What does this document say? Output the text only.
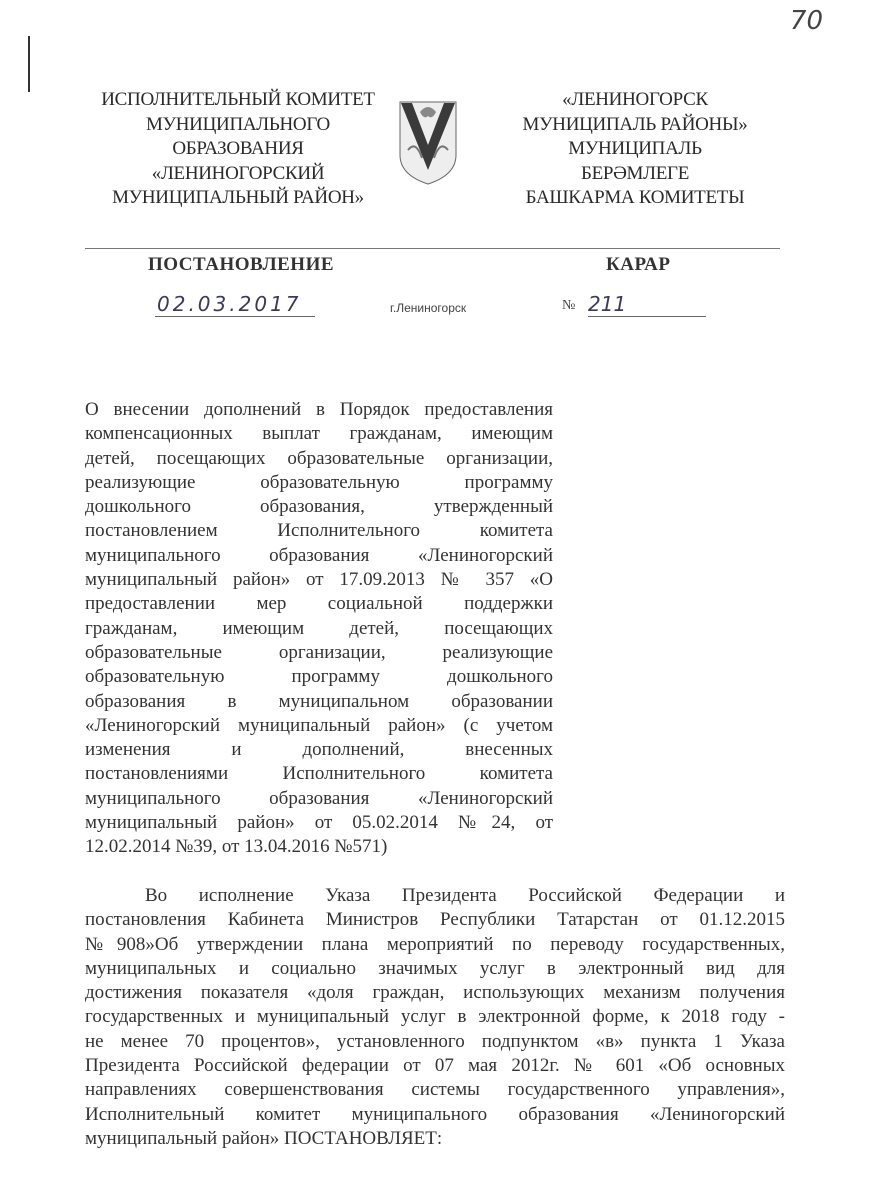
70
ИСПОЛНИТЕЛЬНЫЙ КОМИТЕТ
МУНИЦИПАЛЬНОГО
ОБРАЗОВАНИЯ
«ЛЕНИНОГОРСКИЙ
МУНИЦИПАЛЬНЫЙ РАЙОН»
«ЛЕНИНОГОРСК
МУНИЦИПАЛЬ РАЙОНЫ»
МУНИЦИПАЛЬ
БЕРӘМЛЕГЕ
БАШКАРМА КОМИТЕТЫ
ПОСТАНОВЛЕНИЕ	КАРАР
02.03.2017	г.Лениногорск	№ 211
О внесении дополнений в Порядок предоставления
компенсационных выплат гражданам, имеющим
детей, посещающих образовательные организации,
реализующие образовательную программу
дошкольного образования, утвержденный
постановлением Исполнительного комитета
муниципального образования «Лениногорский
муниципальный район» от 17.09.2013 № 357 «О
предоставлении мер социальной поддержки
гражданам, имеющим детей, посещающих
образовательные организации, реализующие
образовательную программу дошкольного
образования в муниципальном образовании
«Лениногорский муниципальный район» (с учетом
изменения и дополнений, внесенных
постановлениями Исполнительного комитета
муниципального образования «Лениногорский
муниципальный район» от 05.02.2014 №24, от
12.02.2014 №39, от 13.04.2016 №571)
Во исполнение Указа Президента Российской Федерации и
постановления Кабинета Министров Республики Татарстан от 01.12.2015
№908»Об утверждении плана мероприятий по переводу государственных,
муниципальных и социально значимых услуг в электронный вид для
достижения показателя «доля граждан, использующих механизм получения
государственных и муниципальный услуг в электронной форме, к 2018 году -
не менее 70 процентов», установленного подпунктом «в» пункта 1 Указа
Президента Российской федерации от 07 мая 2012г. № 601 «Об основных
направлениях совершенствования системы государственного управления»,
Исполнительный комитет муниципального образования «Лениногорский
муниципальный район» ПОСТАНОВЛЯЕТ:
